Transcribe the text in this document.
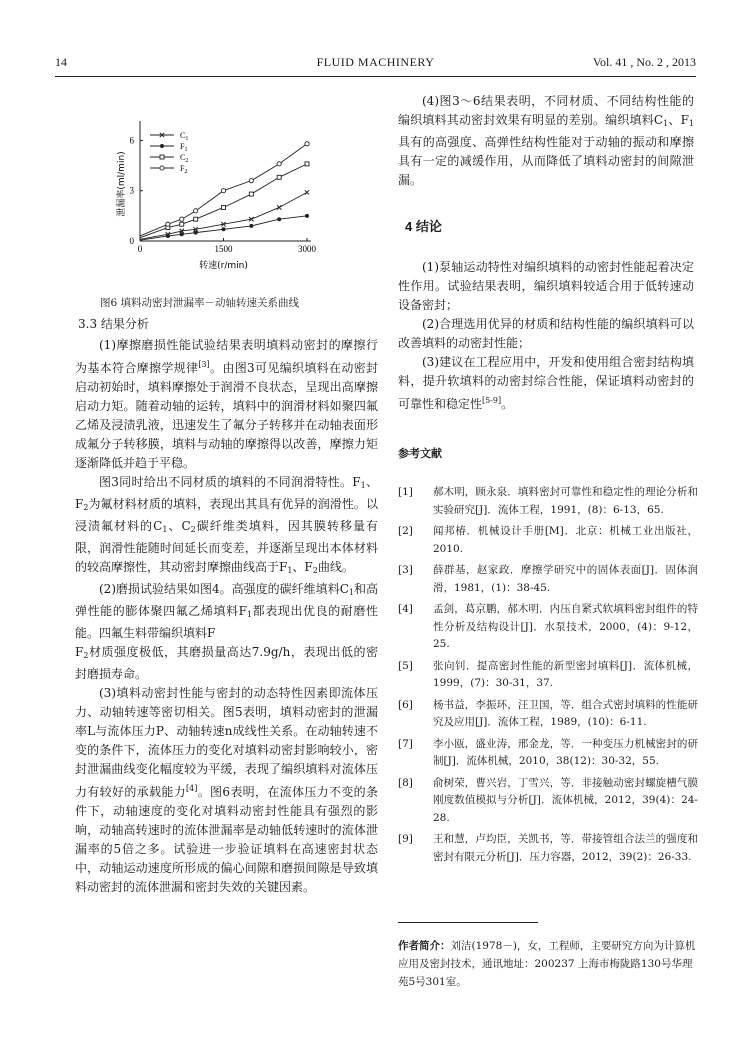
14	FLUID MACHINERY	Vol. 41 , No. 2 , 2013
0	1500	3000
0
3
6
转速(r/min)
泄漏率(ml/min)
$C_1$
$F_1$
$C_2$
$F_2$
图6 填料动密封泄漏率－动轴转速关系曲线
3.3 结果分析

(1)摩擦磨损性能试验结果表明填料动密封的摩擦行为基本符合摩擦学规律[3]。由图3可见编织填料在动密封启动初始时，填料摩擦处于润滑不良状态，呈现出高摩擦启动力矩。随着动轴的运转，填料中的润滑材料如聚四氟乙烯及浸渍乳液，迅速发生了氟分子转移并在动轴表面形成氟分子转移膜，填料与动轴的摩擦得以改善，摩擦力矩逐渐降低并趋于平稳。

图3同时给出不同材质的填料的不同润滑特性。$F_1$、$F_2$为氟材料材质的填料，表现出其具有优异的润滑性。以浸渍氟材料的$C_1$、$C_2$碳纤维类填料，因其膜转移量有限，润滑性能随时间延长而变差，并逐渐呈现出本体材料的较高摩擦性，其动密封摩擦曲线高于$F_1$、$F_2$曲线。

(2)磨损试验结果如图4。高强度的碳纤维填料$C_1$和高弹性能的膨体聚四氟乙烯填料$F_1$都表现出优良的耐磨性能。四氟生料带编织填料F
$F_2$材质强度极低，其磨损量高达7.9g/h，表现出低的密封磨损寿命。

(3)填料动密封性能与密封的动态特性因素即流体压力、动轴转速等密切相关。图5表明，填料动密封的泄漏率L与流体压力P、动轴转速n成线性关系。在动轴转速不变的条件下，流体压力的变化对填料动密封影响较小，密封泄漏曲线变化幅度较为平缓，表现了编织填料对流体压力有较好的承载能力[4]。图6表明，在流体压力不变的条件下，动轴速度的变化对填料动密封性能具有强烈的影响，动轴高转速时的流体泄漏率是动轴低转速时的流体泄漏率的5倍之多。试验进一步验证填料在高速密封状态中，动轴运动速度所形成的偏心间隙和磨损间隙是导致填料动密封的流体泄漏和密封失效的关键因素。

(4)图3～6结果表明，不同材质、不同结构性能的编织填料其动密封效果有明显的差别。编织填料$C_1$、$F_1$具有的高强度、高弹性结构性能对于动轴的振动和摩擦具有一定的减缓作用，从而降低了填料动密封的间隙泄漏。

4 结论

(1)泵轴运动特性对编织填料的动密封性能起着决定性作用。试验结果表明，编织填料较适合用于低转速动设备密封；

(2)合理选用优异的材质和结构性能的编织填料可以改善填料的动密封性能；

(3)建议在工程应用中，开发和使用组合密封结构填料，提升软填料的动密封综合性能，保证填料动密封的可靠性和稳定性[5-9]。

参考文献
[1] 郝木明，顾永泉．填料密封可靠性和稳定性的理论分析和实验研究[J]．流体工程，1991，(8)：6-13，65.
[2] 闻邦椿．机械设计手册[M]．北京：机械工业出版社，2010.
[3] 薛群基，赵家政．摩擦学研究中的固体表面[J]．固体润滑，1981，(1)：38-45.
[4] 孟剑，葛京鹏，郝木明．内压自紧式软填料密封组件的特性分析及结构设计[J]．水泵技术，2000，(4)：9-12，25.
[5] 张向钊．提高密封性能的新型密封填料[J]．流体机械，1999，(7)：30-31，37.
[6] 杨书益，李振环，汪卫国，等．组合式密封填料的性能研究及应用[J]．流体工程，1989，(10)：6-11.
[7] 李小瓯，盛业涛，邢金龙，等．一种变压力机械密封的研制[J]．流体机械，2010，38(12)：30-32，55.
[8] 俞树荣，曹兴岩，丁雪兴，等．非接触动密封螺旋槽气膜刚度数值模拟与分析[J]．流体机械，2012，39(4)：24-28.
[9] 王和慧，卢均臣，关凯书，等．带接管组合法兰的强度和密封有限元分析[J]．压力容器，2012，39(2)：26-33.
作者简介：刘洁(1978－)，女，工程师，主要研究方向为计算机应用及密封技术，通讯地址：200237 上海市梅陇路130号华理苑5号301室。
